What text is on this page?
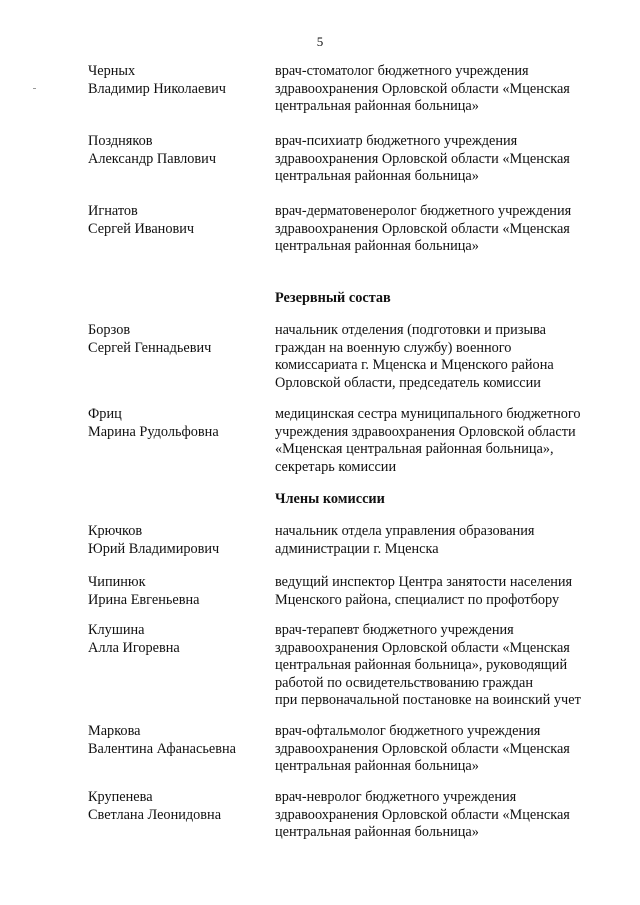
5
Черных
Владимир Николаевич
врач-стоматолог бюджетного учреждения
здравоохранения Орловской области «Мценская
центральная районная больница»
Поздняков
Александр Павлович
врач-психиатр бюджетного учреждения
здравоохранения Орловской области «Мценская
центральная районная больница»
Игнатов
Сергей Иванович
врач-дерматовенеролог бюджетного учреждения
здравоохранения Орловской области «Мценская
центральная районная больница»
Резервный состав
Борзов
Сергей Геннадьевич
начальник отделения (подготовки и призыва
граждан на военную службу) военного
комиссариата г. Мценска и Мценского района
Орловской области, председатель комиссии
Фриц
Марина Рудольфовна
медицинская сестра муниципального бюджетного
учреждения здравоохранения Орловской области
«Мценская центральная районная больница»,
секретарь комиссии
Члены комиссии
Крючков
Юрий Владимирович
начальник отдела управления образования
администрации г. Мценска
Чипинюк
Ирина Евгеньевна
ведущий инспектор Центра занятости населения
Мценского района, специалист по профотбору
Клушина
Алла Игоревна
врач-терапевт бюджетного учреждения
здравоохранения Орловской области «Мценская
центральная районная больница», руководящий
работой по освидетельствованию граждан
при первоначальной постановке на воинский учет
Маркова
Валентина Афанасьевна
врач-офтальмолог бюджетного учреждения
здравоохранения Орловской области «Мценская
центральная районная больница»
Крупенева
Светлана Леонидовна
врач-невролог бюджетного учреждения
здравоохранения Орловской области «Мценская
центральная районная больница»
